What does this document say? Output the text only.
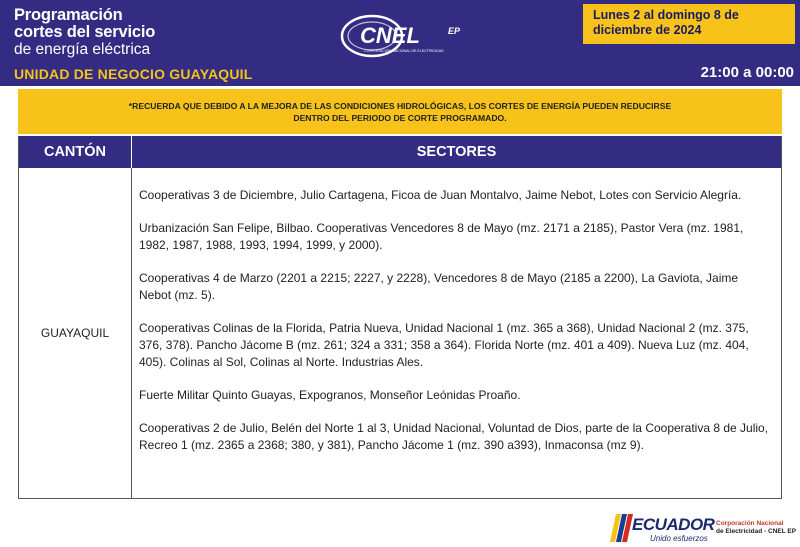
Programación
cortes del servicio
de energía eléctrica
UNIDAD DE NEGOCIO GUAYAQUIL
CNEL	EP
CORPORACIÓN NACIONAL DE ELECTRICIDAD
Lunes 2 al domingo 8 de diciembre de 2024
21:00 a 00:00
*RECUERDA QUE DEBIDO A LA MEJORA DE LAS CONDICIONES HIDROLÓGICAS, LOS CORTES DE ENERGÍA PUEDEN REDUCIRSE DENTRO DEL PERIODO DE CORTE PROGRAMADO.
CANTÓN	SECTORES
GUAYAQUIL

Cooperativas 3 de Diciembre, Julio Cartagena, Ficoa de Juan Montalvo, Jaime Nebot, Lotes con Servicio Alegría.

Urbanización San Felipe, Bilbao. Cooperativas Vencedores 8 de Mayo (mz. 2171 a 2185), Pastor Vera (mz. 1981, 1982, 1987, 1988, 1993, 1994, 1999, y 2000).

Cooperativas 4 de Marzo (2201 a 2215; 2227, y 2228), Vencedores 8 de Mayo (2185 a 2200), La Gaviota, Jaime Nebot (mz. 5).

Cooperativas Colinas de la Florida, Patria Nueva, Unidad Nacional 1 (mz. 365 a 368), Unidad Nacional 2 (mz. 375, 376, 378). Pancho Jácome B (mz. 261; 324 a 331; 358 a 364). Florida Norte (mz. 401 a 409). Nueva Luz (mz. 404, 405). Colinas al Sol, Colinas al Norte. Industrias Ales.

Fuerte Militar Quinto Guayas, Expogranos, Monseñor Leónidas Proaño.

Cooperativas 2 de Julio, Belén del Norte 1 al 3, Unidad Nacional, Voluntad de Dios, parte de la Cooperativa 8 de Julio, Recreo 1 (mz. 2365 a 2368; 380, y 381), Pancho Jácome 1 (mz. 390 a393), Inmaconsa (mz 9).

ECUADOR
Unido esfuerzos
Corporación Nacional
de Electricidad - CNEL EP
